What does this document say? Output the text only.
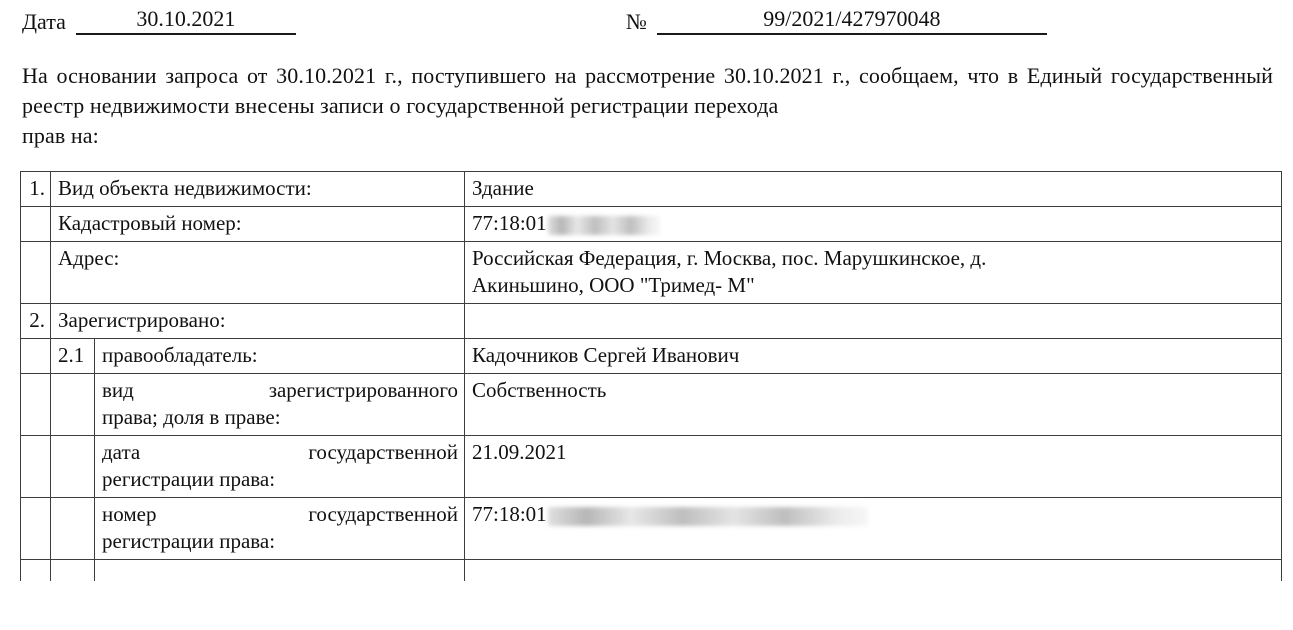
Дата	30.10.2021	№	99/2021/427970048

На основании запроса от 30.10.2021 г., поступившего на рассмотрение 30.10.2021 г., сообщаем, что в Единый государственный реестр недвижимости внесены записи о государственной регистрации перехода
прав на:

1.	Вид объекта недвижимости:		Здание
	Кадастровый номер:		77:18:01
	Адрес:		Российская Федерация, г. Москва, пос. Марушкинское, д.
Акиньшино, ООО "Тримед- М"

2.	Зарегистрировано:		
	2.1	правообладатель:	Кадочников Сергей Иванович

		вид зарегистрированного
права; доля в праве:	Собственность

		дата государственной
регистрации права:	21.09.2021

		номер государственной
регистрации права:	77:18:01
